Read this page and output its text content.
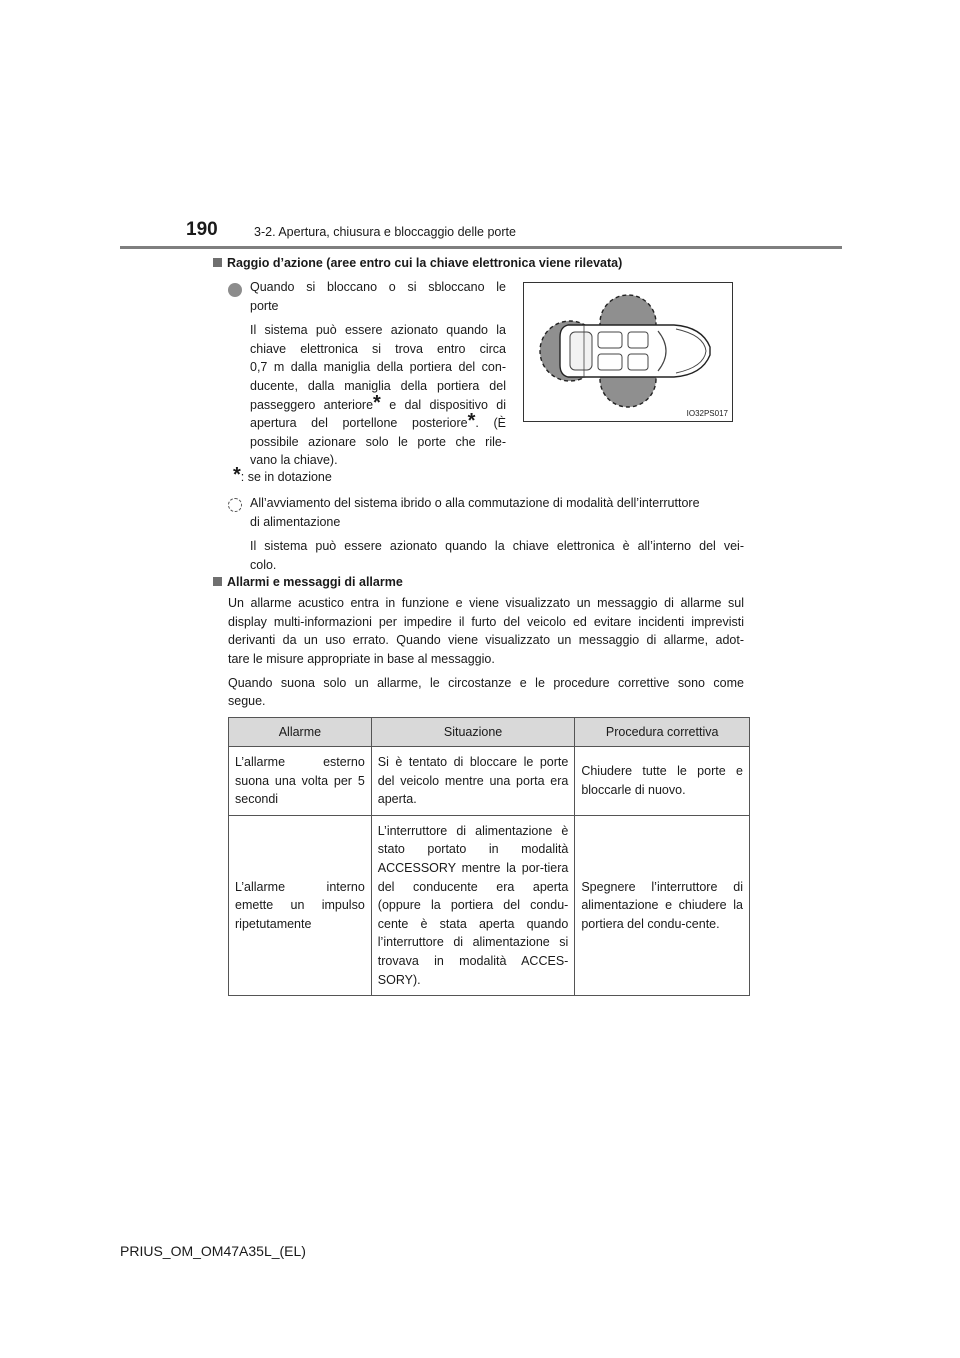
190	3-2. Apertura, chiusura e bloccaggio delle porte
Raggio d’azione (aree entro cui la chiave elettronica viene rilevata)
Quando si bloccano o si sbloccano le
porte
Il sistema può essere azionato quando la
chiave elettronica si trova entro circa
0,7 m dalla maniglia della portiera del con-
ducente, dalla maniglia della portiera del
passeggero anteriore* e dal dispositivo di
apertura del portellone posteriore*. (È
possibile azionare solo le porte che rile-
vano la chiave).
IO32PS017
*: se in dotazione
All’avviamento del sistema ibrido o alla commutazione di modalità dell’interruttore
di alimentazione
Il sistema può essere azionato quando la chiave elettronica è all’interno del vei-
colo.
Allarmi e messaggi di allarme
Un allarme acustico entra in funzione e viene visualizzato un messaggio di allarme sul
display multi-informazioni per impedire il furto del veicolo ed evitare incidenti imprevisti
derivanti da un uso errato. Quando viene visualizzato un messaggio di allarme, adot-
tare le misure appropriate in base al messaggio.
Quando suona solo un allarme, le circostanze e le procedure correttive sono come
segue.
Allarme	Situazione	Procedura correttiva
L’allarme esterno suona una volta per 5 secondi	Si è tentato di bloccare le porte del veicolo mentre una porta era aperta.	Chiudere tutte le porte e bloccarle di nuovo.
L’allarme interno emette un impulso ripetutamente	L’interruttore di alimentazione è stato portato in modalità ACCESSORY mentre la por-tiera del conducente era aperta (oppure la portiera del condu-cente è stata aperta quando l’interruttore di alimentazione si trovava in modalità ACCES-SORY).	Spegnere l’interruttore di alimentazione e chiudere la portiera del condu-cente.
PRIUS_OM_OM47A35L_(EL)
